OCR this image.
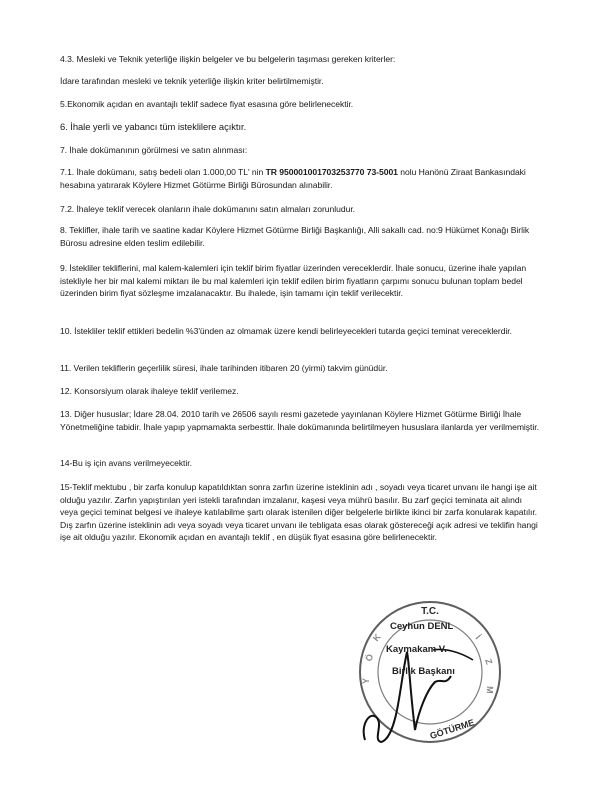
4.3. Mesleki ve Teknik yeterliğe ilişkin belgeler ve bu belgelerin taşıması gereken kriterler:

İdare tarafından mesleki ve teknik yeterliğe ilişkin kriter belirtilmemiştir.

5.Ekonomik açıdan en avantajlı teklif sadece fiyat esasına göre belirlenecektir.

6. İhale yerli ve yabancı tüm isteklilere açıktır.

7. İhale dokümanının görülmesi ve satın alınması:

7.1. İhale dokümanı, satış bedeli olan 1.000,00 TL' nin TR 950001001703253770 73-5001 nolu Hanönü Ziraat Bankasındaki hesabına yatırarak Köylere Hizmet Götürme Birliği Bürosundan alınabilir.

7.2. İhaleye teklif verecek olanların ihale dokümanını satın almaları zorunludur.

8. Teklifler, ihale tarih ve saatine kadar Köylere Hizmet Götürme Birliği Başkanlığı, Alli sakallı cad. no:9 Hükümet Konağı Birlik Bürosu adresine elden teslim edilebilir.

9. İstekliler tekliflerini, mal kalem-kalemleri için teklif birim fiyatlar üzerinden vereceklerdir. İhale sonucu, üzerine ihale yapılan istekliyle her bir mal kalemi miktarı ile bu mal kalemleri için teklif edilen birim fiyatların çarpımı sonucu bulunan toplam bedel üzerinden birim fiyat sözleşme imzalanacaktır. Bu ihalede, işin tamamı için teklif verilecektir.

10. İstekliler teklif ettikleri bedelin %3'ünden az olmamak üzere kendi belirleyecekleri tutarda geçici teminat vereceklerdir.

11. Verilen tekliflerin geçerlilik süresi, ihale tarihinden itibaren 20 (yirmi) takvim günüdür.

12. Konsorsiyum olarak ihaleye teklif verilemez.

13. Diğer hususlar; İdare 28.04. 2010 tarih ve 26506 sayılı resmi gazetede yayınlanan Köylere Hizmet Götürme Birliği İhale Yönetmeliğine tabidir. İhale yapıp yapmamakta serbesttir. İhale dokümanında belirtilmeyen hususlara ilanlarda yer verilmemiştir.

14-Bu iş için avans verilmeyecektir.

15-Teklif mektubu , bir zarfa konulup kapatıldıktan sonra zarfın üzerine isteklinin adı , soyadı veya ticaret unvanı ile hangi işe ait olduğu yazılır. Zarfın yapıştırılan yeri istekli tarafından imzalanır, kaşesi veya mührü basılır. Bu zarf geçici teminata ait alındı veya geçici teminat belgesi ve ihaleye katılabilme şartı olarak istenilen diğer belgelerle birlikte ikinci bir zarfa konularak kapatılır. Dış zarfın üzerine isteklinin adı veya soyadı veya ticaret unvanı ile tebligata esas olarak göstereceği açık adresi ve teklifin hangi işe ait olduğu yazılır. Ekonomik açıdan en avantajlı teklif , en düşük fiyat esasına göre belirlenecektir.

K
Ö
Y
İ
Z
M
T.C.
GÖTÜRME
Ceyhun DENL
Kaymakam V.
Birlik Başkanı
